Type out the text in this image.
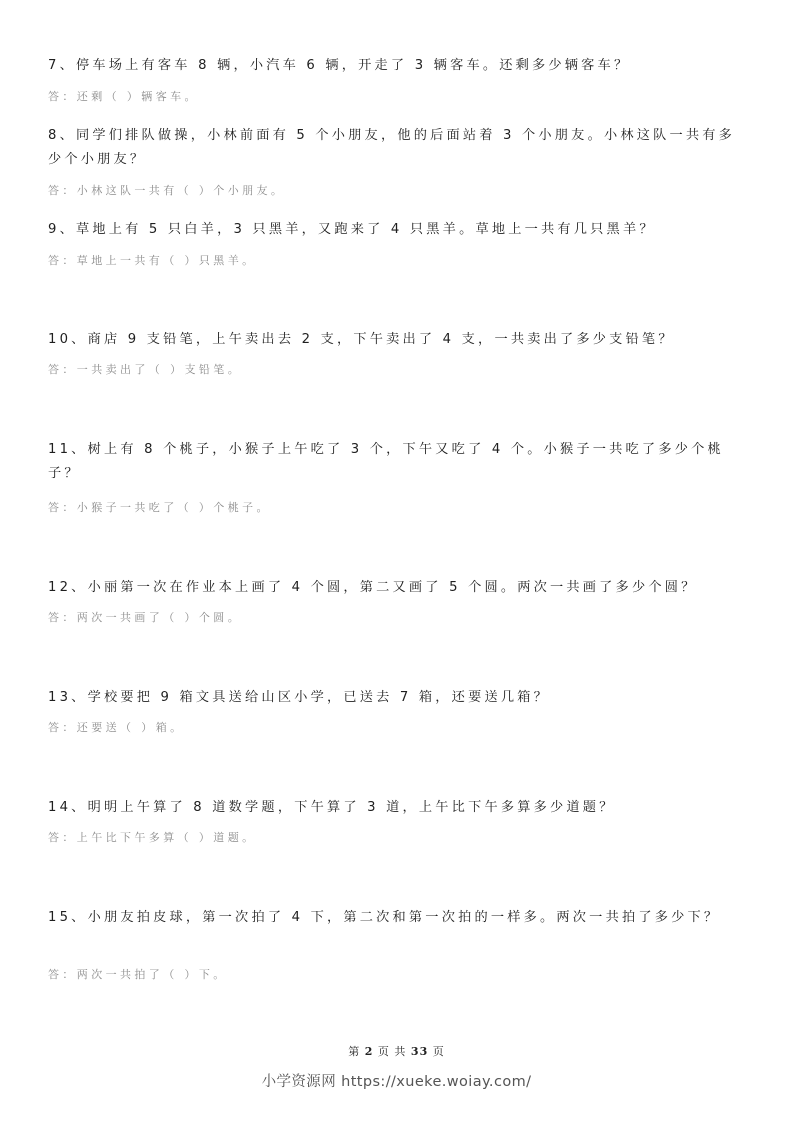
7、停车场上有客车 8 辆，小汽车 6 辆，开走了 3 辆客车。还剩多少辆客车？
答：还剩（ ）辆客车。
8、同学们排队做操，小林前面有 5 个小朋友，他的后面站着 3 个小朋友。小林这队一共有多少个小朋友？
答：小林这队一共有（ ）个小朋友。
9、草地上有 5 只白羊，3 只黑羊，又跑来了 4 只黑羊。草地上一共有几只黑羊？
答：草地上一共有（ ）只黑羊。
10、商店 9 支铅笔，上午卖出去 2 支，下午卖出了 4 支，一共卖出了多少支铅笔？
答：一共卖出了（ ）支铅笔。
11、树上有 8 个桃子，小猴子上午吃了 3 个，下午又吃了 4 个。小猴子一共吃了多少个桃子？
答：小猴子一共吃了（ ）个桃子。
12、小丽第一次在作业本上画了 4 个圆，第二又画了 5 个圆。两次一共画了多少个圆？
答：两次一共画了（ ）个圆。
13、学校要把 9 箱文具送给山区小学，已送去 7 箱，还要送几箱？
答：还要送（ ）箱。
14、明明上午算了 8 道数学题，下午算了 3 道，上午比下午多算多少道题？
答：上午比下午多算（ ）道题。
15、小朋友拍皮球，第一次拍了 4 下，第二次和第一次拍的一样多。两次一共拍了多少下？
答：两次一共拍了（ ）下。
第 2 页 共 33 页
小学资源网 https://xueke.woiay.com/
